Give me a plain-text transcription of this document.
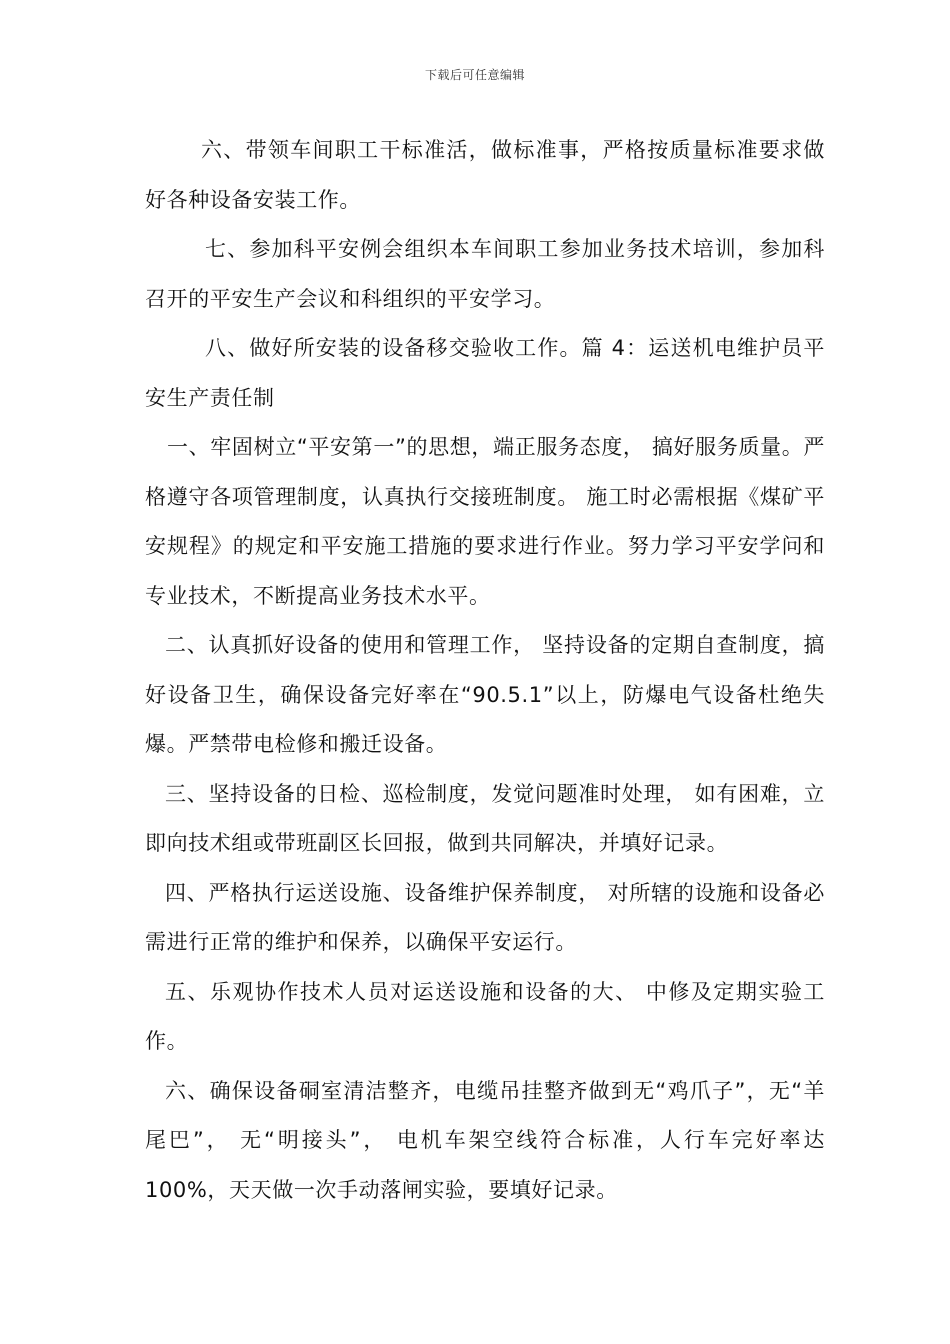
下载后可任意编辑

六、带领车间职工干标准活，做标准事，严格按质量标准要求做好各种设备安装工作。

七、参加科平安例会组织本车间职工参加业务技术培训，参加科召开的平安生产会议和科组织的平安学习。

八、做好所安装的设备移交验收工作。篇 4：运送机电维护员平安生产责任制

一、牢固树立“平安第一”的思想，端正服务态度， 搞好服务质量。严格遵守各项管理制度，认真执行交接班制度。 施工时必需根据《煤矿平安规程》的规定和平安施工措施的要求进行作业。努力学习平安学问和专业技术，不断提高业务技术水平。

二、认真抓好设备的使用和管理工作， 坚持设备的定期自查制度，搞好设备卫生，确保设备完好率在“90.5.1”以上，防爆电气设备杜绝失爆。严禁带电检修和搬迁设备。

三、坚持设备的日检、巡检制度，发觉问题准时处理， 如有困难，立即向技术组或带班副区长回报，做到共同解决，并填好记录。

四、严格执行运送设施、设备维护保养制度， 对所辖的设施和设备必需进行正常的维护和保养，以确保平安运行。

五、乐观协作技术人员对运送设施和设备的大、 中修及定期实验工作。

六、确保设备硐室清洁整齐，电缆吊挂整齐做到无“鸡爪子”，无“羊尾巴”， 无“明接头”， 电机车架空线符合标准，人行车完好率达 100%，天天做一次手动落闸实验，要填好记录。
